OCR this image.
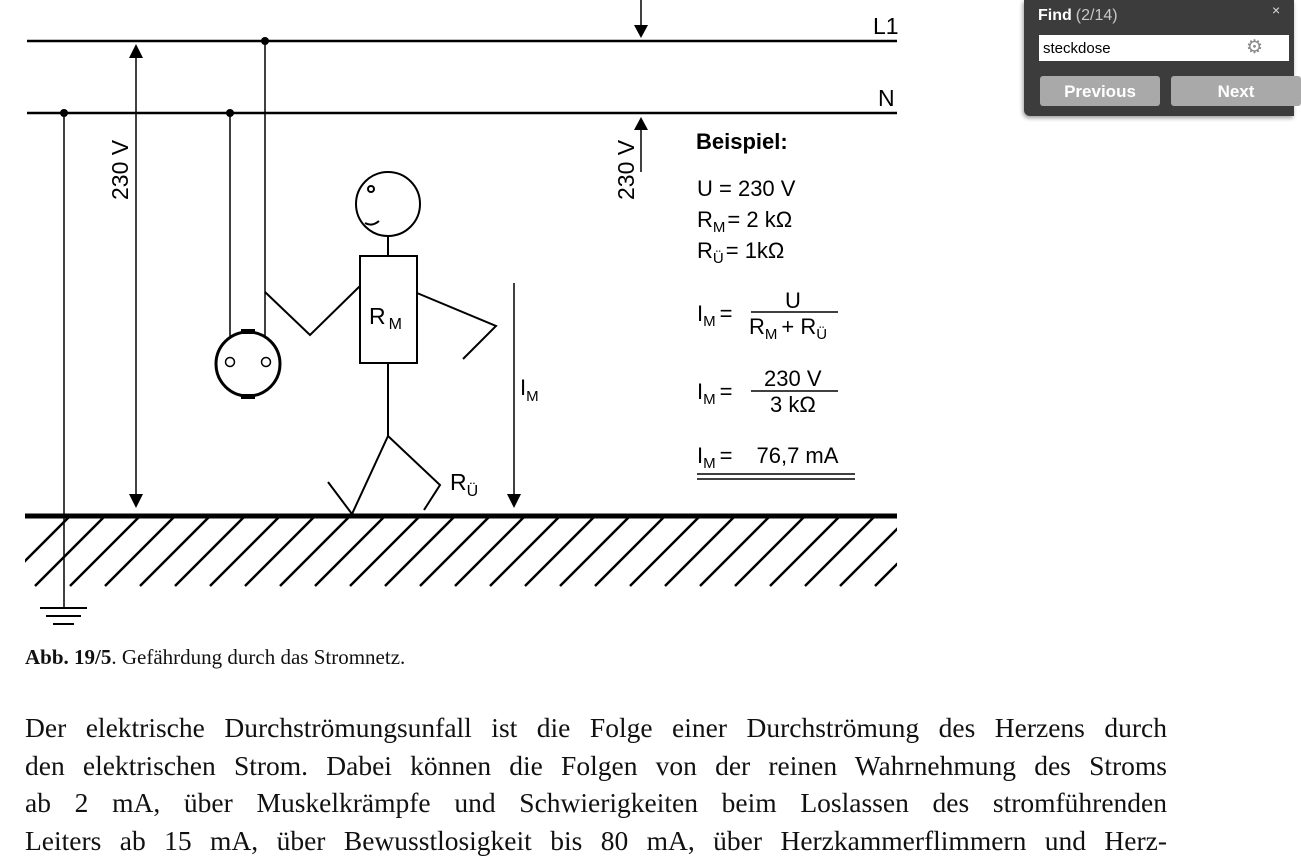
L1
N
230 V	230 V
R $_M$
$I_M$
$R_Ü$
Beispiel:
U = 230 V
$R_M= 2$ kΩ
$R_Ü= 1k\Omega$
$I_M$ =
U
$R_M + R_Ü$
$I_M$ =
230 V
3 kΩ
$I_M = 76,7$ mA
Abb. 19/5. Gefährdung durch das Stromnetz.
Der elektrische Durchströmungsunfall ist die Folge einer Durchströmung des Herzens durch
den elektrischen Strom. Dabei können die Folgen von der reinen Wahrnehmung des Stroms
ab 2 mA, über Muskelkrämpfe und Schwierigkeiten beim Loslassen des stromführenden
Leiters ab 15 mA, über Bewusstlosigkeit bis 80 mA, über Herzkammerflimmern und Herz-
Find (2/14)
steckdose
Previous	Next
⚙
×
